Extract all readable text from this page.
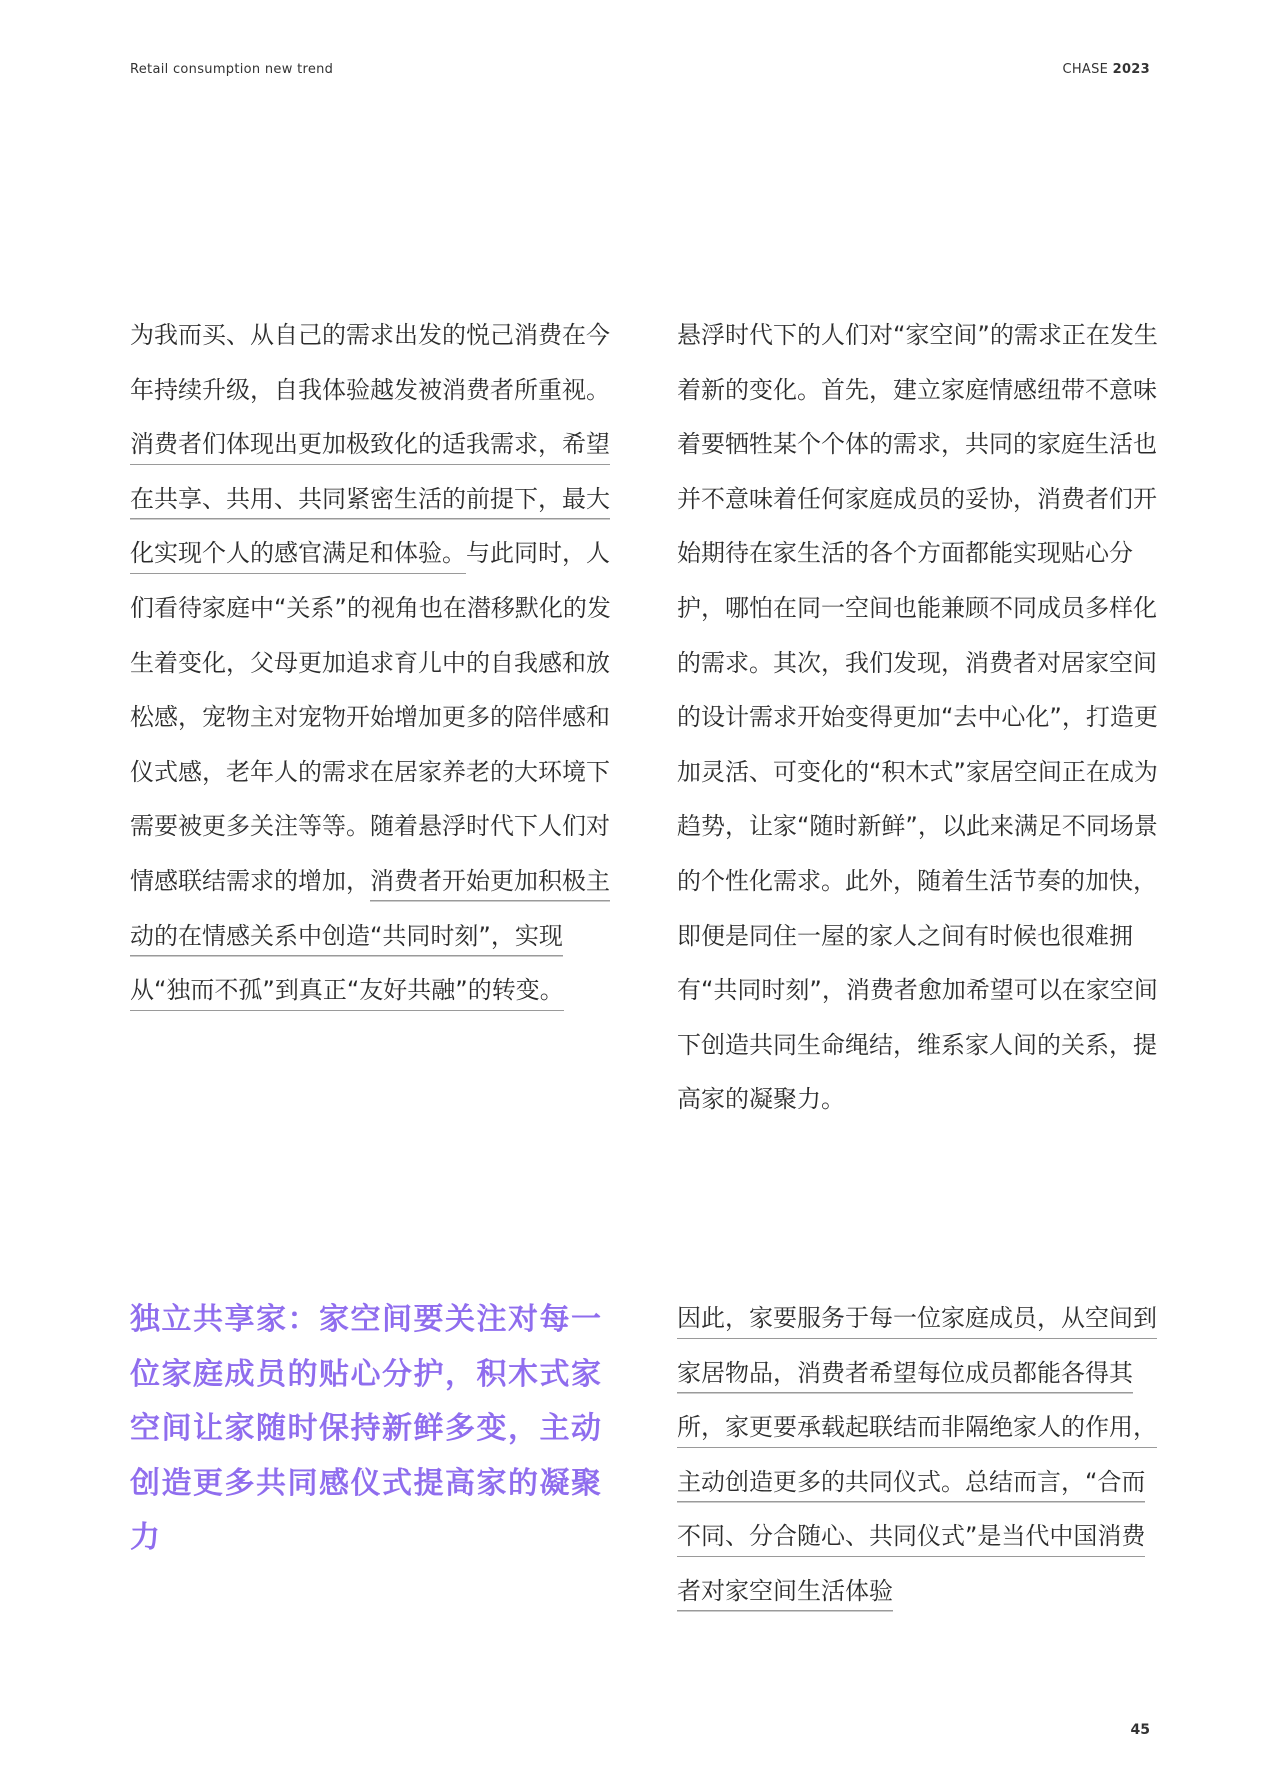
Retail consumption new trend	CHASE 2023

为我而买、从自己的需求出发的悦己消费在今年持续升级，自我体验越发被消费者所重视。消费者们体现出更加极致化的适我需求，希望在共享、共用、共同紧密生活的前提下，最大化实现个人的感官满足和体验。与此同时，人们看待家庭中“关系”的视角也在潜移默化的发生着变化，父母更加追求育儿中的自我感和放松感，宠物主对宠物开始增加更多的陪伴感和仪式感，老年人的需求在居家养老的大环境下需要被更多关注等等。随着悬浮时代下人们对情感联结需求的增加，消费者开始更加积极主动的在情感关系中创造“共同时刻”，实现从“独而不孤”到真正“友好共融”的转变。

悬浮时代下的人们对“家空间”的需求正在发生着新的变化。首先，建立家庭情感纽带不意味着要牺牲某个个体的需求，共同的家庭生活也并不意味着任何家庭成员的妥协，消费者们开始期待在家生活的各个方面都能实现贴心分护，哪怕在同一空间也能兼顾不同成员多样化的需求。其次，我们发现，消费者对居家空间的设计需求开始变得更加“去中心化”，打造更加灵活、可变化的“积木式”家居空间正在成为趋势，让家“随时新鲜”，以此来满足不同场景的个性化需求。此外，随着生活节奏的加快，即便是同住一屋的家人之间有时候也很难拥有“共同时刻”，消费者愈加希望可以在家空间下创造共同生命绳结，维系家人间的关系，提高家的凝聚力。

独立共享家：家空间要关注对每一位家庭成员的贴心分护，积木式家空间让家随时保持新鲜多变，主动创造更多共同感仪式提高家的凝聚力

因此，家要服务于每一位家庭成员，从空间到家居物品，消费者希望每位成员都能各得其所，家更要承载起联结而非隔绝家人的作用，主动创造更多的共同仪式。总结而言，“合而不同、分合随心、共同仪式”是当代中国消费者对家空间生活体验

45
